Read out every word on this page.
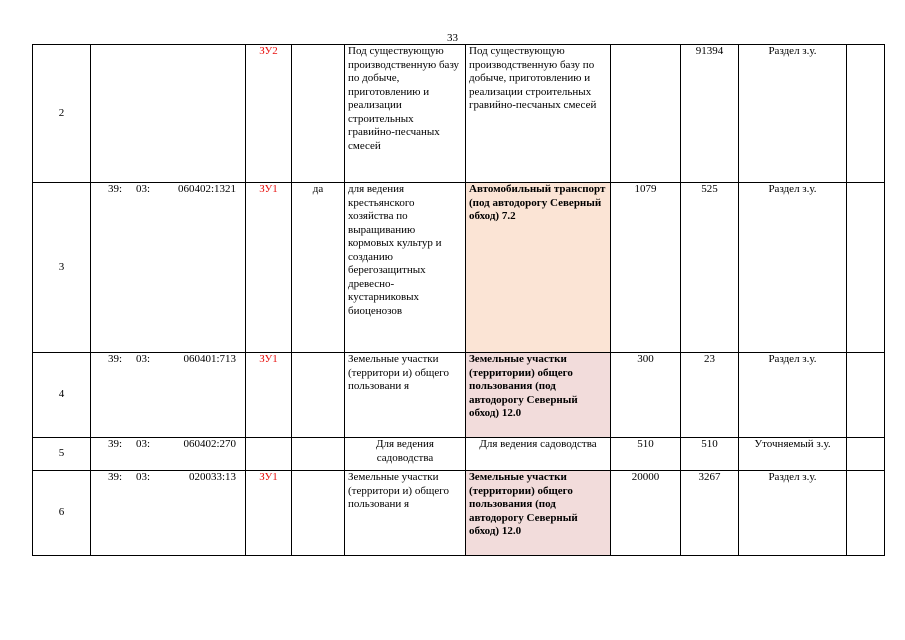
33
2		ЗУ2		Под существующую производственную базу по добыче, приготовлению и реализации строительных гравийно-песчаных смесей	Под существующую производственную базу по добыче, приготовлению и реализации строительных гравийно-песчаных смесей		91394	Раздел з.у.	
3	39: 03: 060402:1321	ЗУ1	да	для ведения крестьянского хозяйства по выращиванию кормовых культур и созданию берегозащитных древесно-кустарниковых биоценозов	Автомобильный транспорт (под автодорогу Северный обход) 7.2	1079	525	Раздел з.у.	
4	39: 03: 060401:713	ЗУ1		Земельные участки (территори и) общего пользовани я	Земельные участки (территории) общего пользования (под автодорогу Северный обход) 12.0	300	23	Раздел з.у.	
5	39: 03: 060402:270			Для ведения садоводства	Для ведения садоводства	510	510	Уточняемый з.у.	
6	39: 03: 020033:13	ЗУ1		Земельные участки (территори и) общего пользовани я	Земельные участки (территории) общего пользования (под автодорогу Северный обход) 12.0	20000	3267	Раздел з.у.	
